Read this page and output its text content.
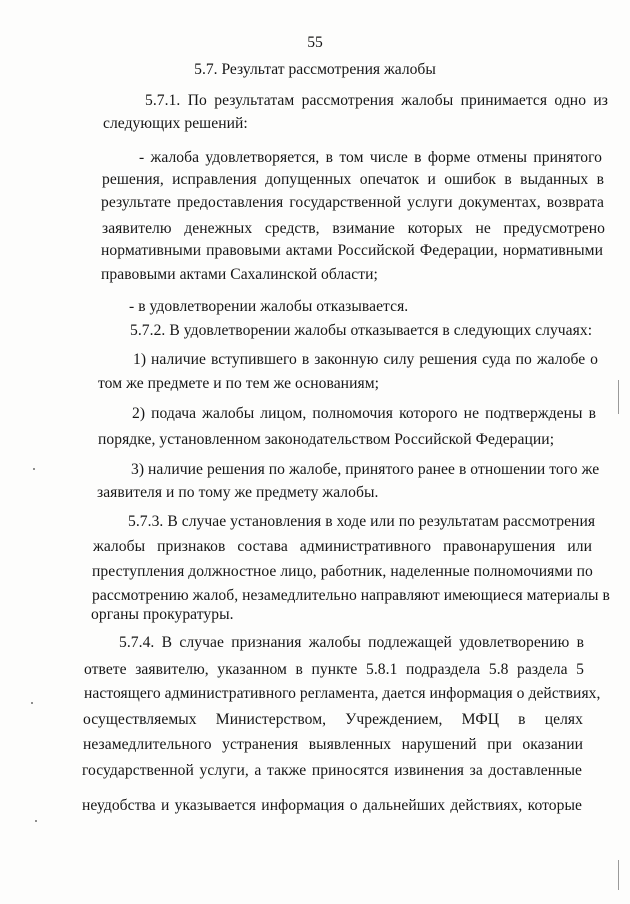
55
5.7. Результат рассмотрения жалобы
5.7.1. По результатам рассмотрения жалобы принимается одно из
следующих решений:
- жалоба удовлетворяется, в том числе в форме отмены принятого
решения, исправления допущенных опечаток и ошибок в выданных в
результате предоставления государственной услуги документах, возврата
заявителю денежных средств, взимание которых не предусмотрено
нормативными правовыми актами Российской Федерации, нормативными
правовыми актами Сахалинской области;
- в удовлетворении жалобы отказывается.
5.7.2. В удовлетворении жалобы отказывается в следующих случаях:
1) наличие вступившего в законную силу решения суда по жалобе о
том же предмете и по тем же основаниям;
2) подача жалобы лицом, полномочия которого не подтверждены в
порядке, установленном законодательством Российской Федерации;
3) наличие решения по жалобе, принятого ранее в отношении того же
заявителя и по тому же предмету жалобы.
5.7.3. В случае установления в ходе или по результатам рассмотрения
жалобы признаков состава административного правонарушения или
преступления должностное лицо, работник, наделенные полномочиями по
рассмотрению жалоб, незамедлительно направляют имеющиеся материалы в
органы прокуратуры.
5.7.4. В случае признания жалобы подлежащей удовлетворению в
ответе заявителю, указанном в пункте 5.8.1 подраздела 5.8 раздела 5
настоящего административного регламента, дается информация о действиях,
осуществляемых Министерством, Учреждением, МФЦ в целях
незамедлительного устранения выявленных нарушений при оказании
государственной услуги, а также приносятся извинения за доставленные
неудобства и указывается информация о дальнейших действиях, которые
